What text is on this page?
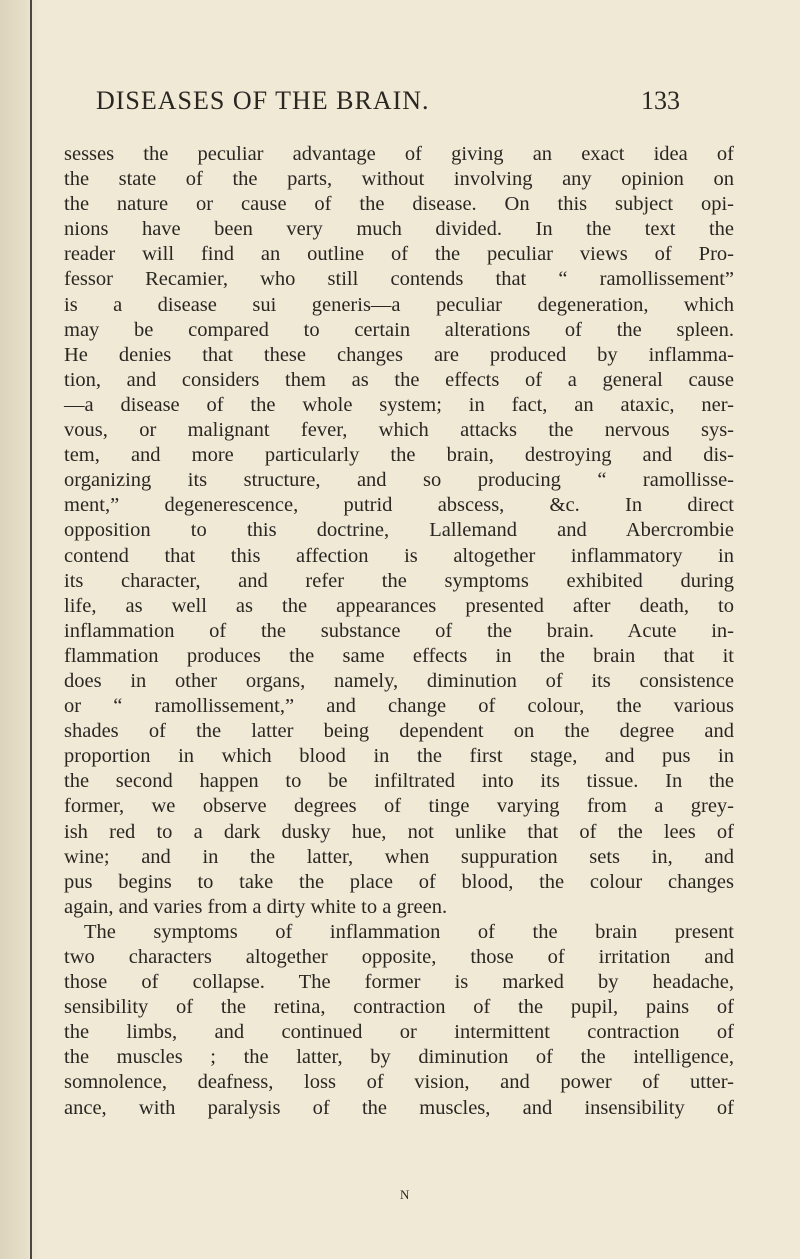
DISEASES OF THE BRAIN.	133
sesses the peculiar advantage of giving an exact idea of
the state of the parts, without involving any opinion on
the nature or cause of the disease. On this subject opi-
nions have been very much divided. In the text the
reader will find an outline of the peculiar views of Pro-
fessor Recamier, who still contends that “ ramollissement”
is a disease sui generis—a peculiar degeneration, which
may be compared to certain alterations of the spleen.
He denies that these changes are produced by inflamma-
tion, and considers them as the effects of a general cause
—a disease of the whole system; in fact, an ataxic, ner-
vous, or malignant fever, which attacks the nervous sys-
tem, and more particularly the brain, destroying and dis-
organizing its structure, and so producing “ ramollisse-
ment,” degenerescence, putrid abscess, &c. In direct
opposition to this doctrine, Lallemand and Abercrombie
contend that this affection is altogether inflammatory in
its character, and refer the symptoms exhibited during
life, as well as the appearances presented after death, to
inflammation of the substance of the brain. Acute in-
flammation produces the same effects in the brain that it
does in other organs, namely, diminution of its consistence
or “ ramollissement,” and change of colour, the various
shades of the latter being dependent on the degree and
proportion in which blood in the first stage, and pus in
the second happen to be infiltrated into its tissue. In the
former, we observe degrees of tinge varying from a grey-
ish red to a dark dusky hue, not unlike that of the lees of
wine; and in the latter, when suppuration sets in, and
pus begins to take the place of blood, the colour changes
again, and varies from a dirty white to a green.
The symptoms of inflammation of the brain present
two characters altogether opposite, those of irritation and
those of collapse. The former is marked by headache,
sensibility of the retina, contraction of the pupil, pains of
the limbs, and continued or intermittent contraction of
the muscles ; the latter, by diminution of the intelligence,
somnolence, deafness, loss of vision, and power of utter-
ance, with paralysis of the muscles, and insensibility of
N
